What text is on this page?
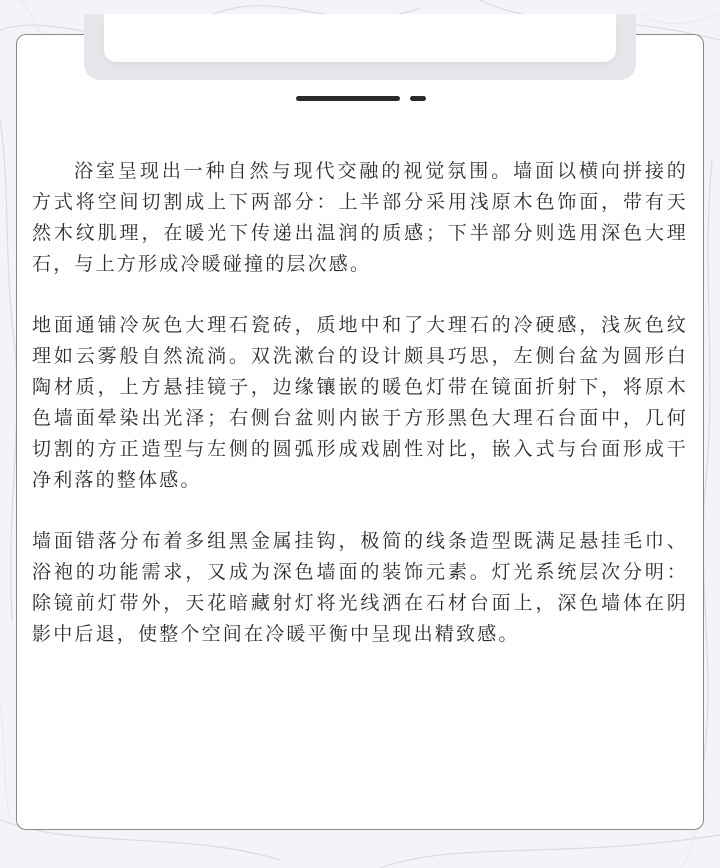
浴室呈现出一种自然与现代交融的视觉氛围。墙面以横向拼接的方式将空间切割成上下两部分：上半部分采用浅原木色饰面，带有天然木纹肌理，在暖光下传递出温润的质感；下半部分则选用深色大理石，与上方形成冷暖碰撞的层次感。

地面通铺冷灰色大理石瓷砖，质地中和了大理石的冷硬感，浅灰色纹理如云雾般自然流淌。双洗漱台的设计颇具巧思，左侧台盆为圆形白陶材质，上方悬挂镜子，边缘镶嵌的暖色灯带在镜面折射下，将原木色墙面晕染出光泽；右侧台盆则内嵌于方形黑色大理石台面中，几何切割的方正造型与左侧的圆弧形成戏剧性对比，嵌入式与台面形成干净利落的整体感。

墙面错落分布着多组黑金属挂钩，极简的线条造型既满足悬挂毛巾、浴袍的功能需求，又成为深色墙面的装饰元素。灯光系统层次分明：除镜前灯带外，天花暗藏射灯将光线洒在石材台面上，深色墙体在阴影中后退，使整个空间在冷暖平衡中呈现出精致感。
